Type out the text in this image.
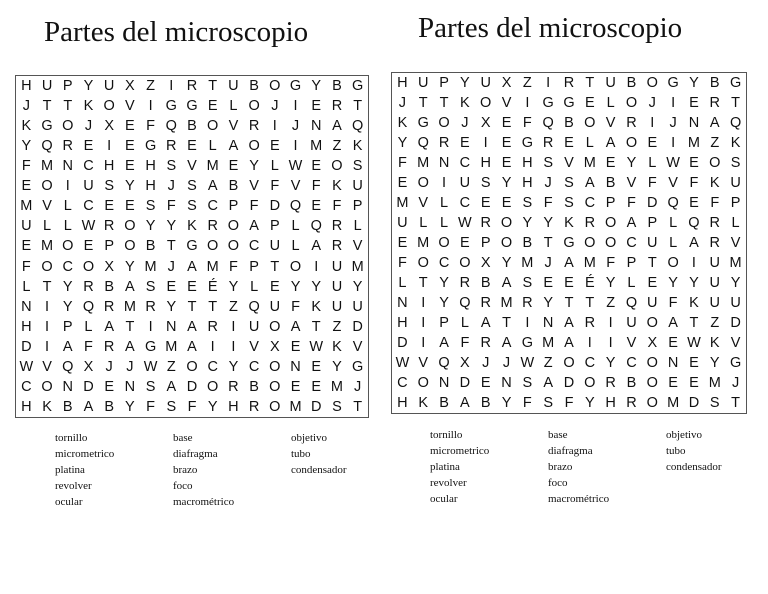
Partes del microscopio
H U P Y U X Z I R T U B O G Y B G
J T T K O V I G G E L O J	I E R T
K G O J X E F Q B O V R I	J N A Q
Y Q R E I E G R E L A O E I M Z K
F M N C H E H S V M E Y L W E O S
E O I U S Y H J S A B V F V F K U
M V L C E E S F S C P F D Q E F P
U L L W R O Y Y K R O A P L Q R L
E M O E P O B T G O O C U L A R V
F O C O X Y M J A M F P T O I U M
L T Y R B A S E E É Y L E Y Y U Y
N I Y Q R M R Y T T Z Q U F K U U
H I P L A T I N A R I U O A T Z D
D I A F R A G M A I	I V X E W K V
W V Q X J J W Z O C Y C O N E Y G
C O N D E N S A D O R B O E E M J
H K B A B Y F S F Y H R O M D S T
tornillo
micrometrico
platina
revolver
ocular
base
diafragma
brazo
foco
macrométrico
objetivo
tubo
condensador
Partes del microscopio
H U P Y U X Z I R T U B O G Y B G
J T T K O V I G G E L O J	I E R T
K G O J X E F Q B O V R I	J N A Q
Y Q R E I E G R E L A O E I M Z K
F M N C H E H S V M E Y L W E O S
E O I U S Y H J S A B V F V F K U
M V L C E E S F S C P F D Q E F P
U L L W R O Y Y K R O A P L Q R L
E M O E P O B T G O O C U L A R V
F O C O X Y M J A M F P T O I U M
L T Y R B A S E E É Y L E Y Y U Y
N I Y Q R M R Y T T Z Q U F K U U
H I P L A T I N A R I U O A T Z D
D I A F R A G M A I	I V X E W K V
W V Q X J J W Z O C Y C O N E Y G
C O N D E N S A D O R B O E E M J
H K B A B Y F S F Y H R O M D S T
tornillo
micrometrico
platina
revolver
ocular
base
diafragma
brazo
foco
macrométrico
objetivo
tubo
condensador
